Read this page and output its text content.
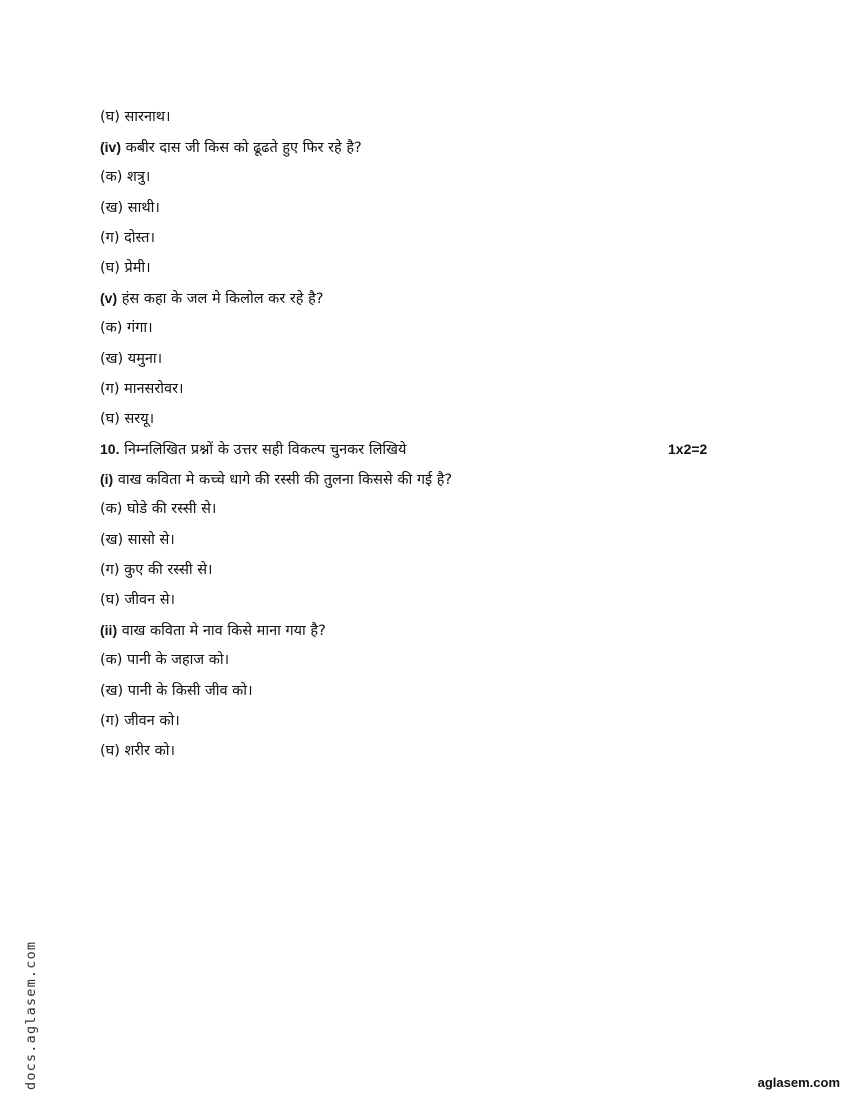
(घ) सारनाथ।
(iv) कबीर दास जी किस को ढूढते हुए फिर रहे है?
(क) शत्रु।
(ख) साथी।
(ग) दोस्त।
(घ) प्रेमी।
(v) हंस कहा के जल मे किलोल कर रहे है?
(क) गंगा।
(ख) यमुना।
(ग) मानसरोवर।
(घ) सरयू।
10. निम्नलिखित प्रश्नों के उत्तर सही विकल्प चुनकर लिखिये	1x2=2
(i) वाख कविता मे कच्चे धागे की रस्सी की तुलना किससे की गई है?
(क) घोडे की रस्सी से।
(ख) सासो से।
(ग) कुए की रस्सी से।
(घ) जीवन से।
(ii) वाख कविता मे नाव किसे माना गया है?
(क) पानी के जहाज को।
(ख) पानी के किसी जीव को।
(ग) जीवन को।
(घ) शरीर को।
docs.aglasem.com	aglasem.com
